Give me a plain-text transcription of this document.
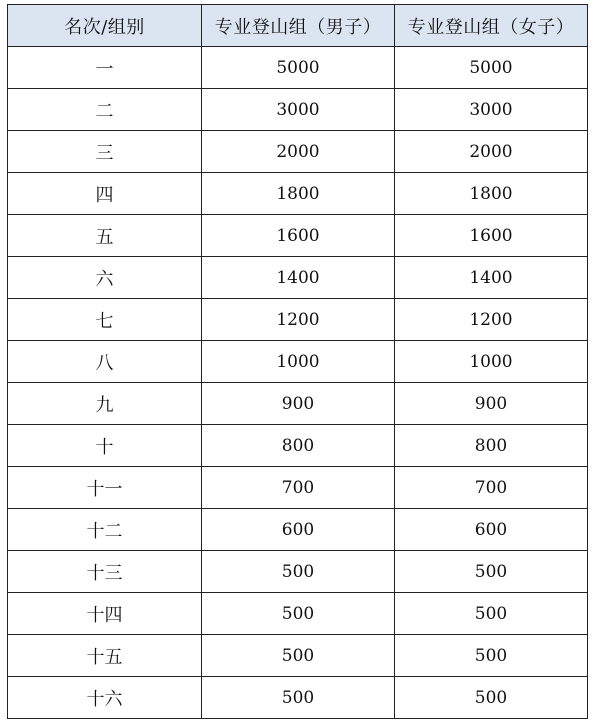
名次/组别	专业登山组（男子）	专业登山组（女子）
一	5000	5000
二	3000	3000
三	2000	2000
四	1800	1800
五	1600	1600
六	1400	1400
七	1200	1200
八	1000	1000
九	900	900
十	800	800
十一	700	700
十二	600	600
十三	500	500
十四	500	500
十五	500	500
十六	500	500
